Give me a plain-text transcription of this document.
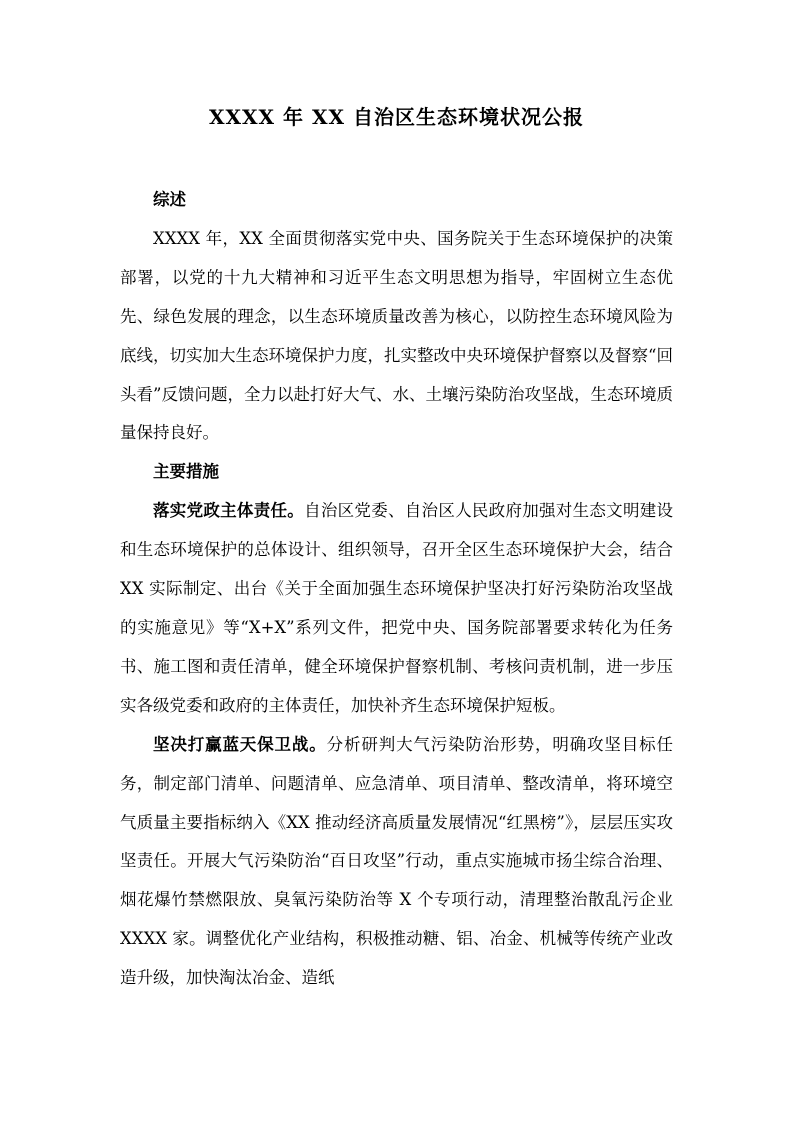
XXXX 年 XX 自治区生态环境状况公报

综述

XXXX 年，XX 全面贯彻落实党中央、国务院关于生态环境保护的决策部署，以党的十九大精神和习近平生态文明思想为指导，牢固树立生态优先、绿色发展的理念，以生态环境质量改善为核心，以防控生态环境风险为底线，切实加大生态环境保护力度，扎实整改中央环境保护督察以及督察“回头看”反馈问题，全力以赴打好大气、水、土壤污染防治攻坚战，生态环境质量保持良好。

主要措施

落实党政主体责任。自治区党委、自治区人民政府加强对生态文明建设和生态环境保护的总体设计、组织领导，召开全区生态环境保护大会，结合 XX 实际制定、出台《关于全面加强生态环境保护坚决打好污染防治攻坚战的实施意见》等“X+X”系列文件，把党中央、国务院部署要求转化为任务书、施工图和责任清单，健全环境保护督察机制、考核问责机制，进一步压实各级党委和政府的主体责任，加快补齐生态环境保护短板。

坚决打赢蓝天保卫战。分析研判大气污染防治形势，明确攻坚目标任务，制定部门清单、问题清单、应急清单、项目清单、整改清单，将环境空气质量主要指标纳入《XX 推动经济高质量发展情况“红黑榜”》，层层压实攻坚责任。开展大气污染防治“百日攻坚”行动，重点实施城市扬尘综合治理、烟花爆竹禁燃限放、臭氧污染防治等 X 个专项行动，清理整治散乱污企业 XXXX 家。调整优化产业结构，积极推动糖、铝、冶金、机械等传统产业改造升级，加快淘汰冶金、造纸
